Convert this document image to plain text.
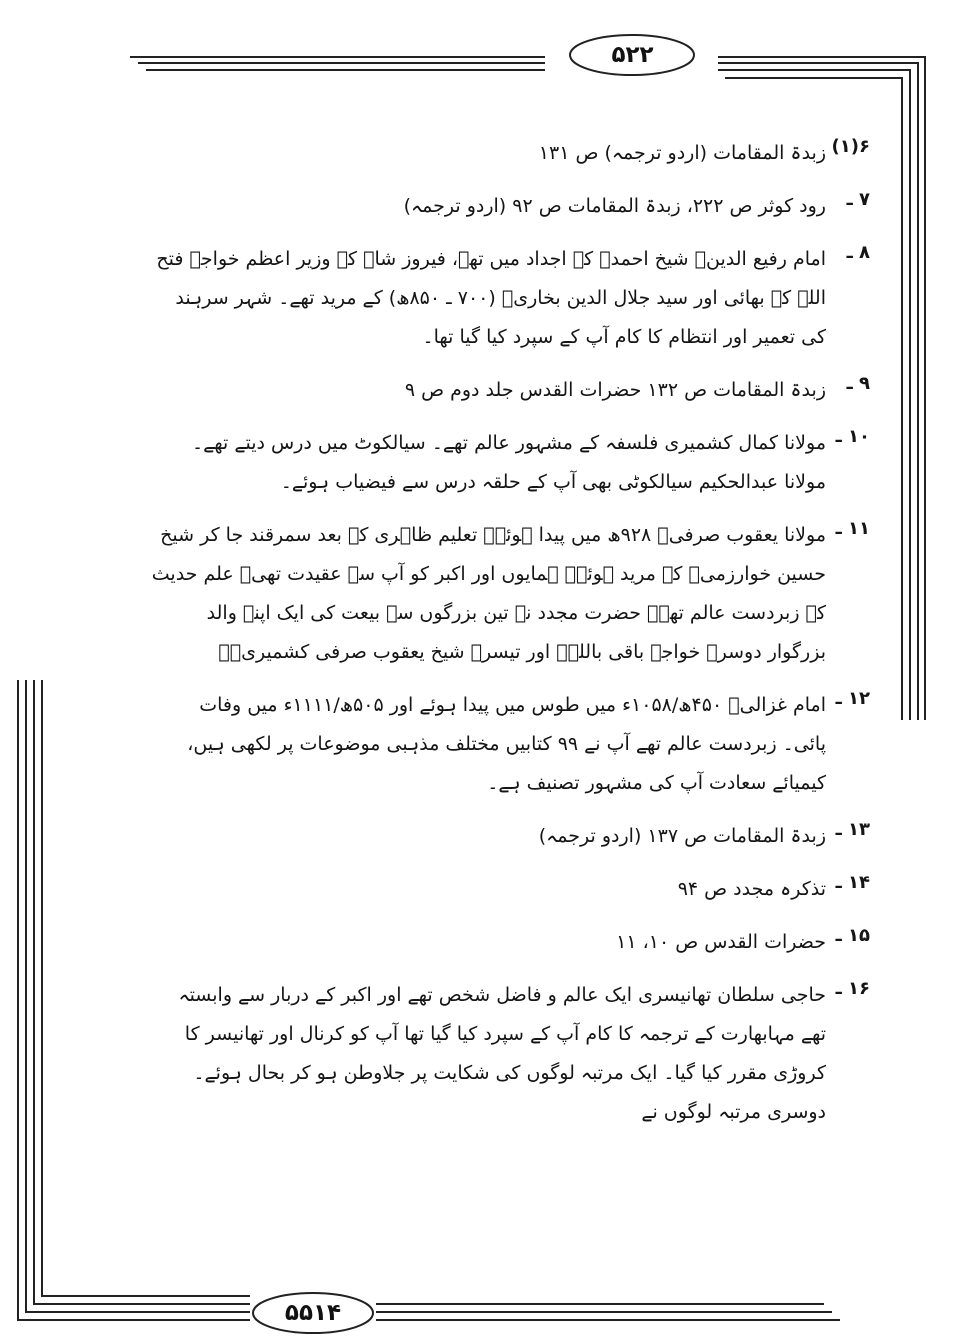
۵۲۲
۵۵۱۴
۶(۱)
زبدۃ المقامات (اردو ترجمہ) ص ۱۳۱
۷ ـ
رود کوثر ص ۲۲۲، زبدۃ المقامات ص ۹۲ (اردو ترجمہ)
۸ ـ
امام رفیع الدینؒ شیخ احمدؒ کے اجداد میں تھے، فیروز شاہ کے وزیر اعظم خواجہ فتح اللہ کے بھائی اور سید جلال الدین بخاریؒ (۷۰۰ ـ ۸۵۰ھ) کے مرید تھے۔ شہر سرہند کی تعمیر اور انتظام کا کام آپ کے سپرد کیا گیا تھا۔
۹ ـ
زبدۃ المقامات ص ۱۳۲ حضرات القدس جلد دوم ص ۹
۱۰ ـ
مولانا کمال کشمیری فلسفہ کے مشہور عالم تھے۔ سیالکوٹ میں درس دیتے تھے۔ مولانا عبدالحکیم سیالکوٹی بھی آپ کے حلقہ درس سے فیضیاب ہوئے۔
۱۱ ـ
مولانا یعقوب صرفیؒ ۹۲۸ھ میں پیدا ہوئے۔ تعلیم ظاہری کے بعد سمرقند جا کر شیخ حسین خوارزمیؒ کے مرید ہوئے۔ ہمایوں اور اکبر کو آپ سے عقیدت تھی۔ علم حدیث کے زبردست عالم تھے۔ حضرت مجدد نے تین بزرگوں سے بیعت کی ایک اپنے والد بزرگوار دوسرے خواجہ باقی باللہؒ اور تیسرے شیخ یعقوب صرفی کشمیریؒ۔
۱۲ ـ
امام غزالیؒ ۴۵۰ھ/۱۰۵۸ء میں طوس میں پیدا ہوئے اور ۵۰۵ھ/۱۱۱۱ء میں وفات پائی۔ زبردست عالم تھے آپ نے ۹۹ کتابیں مختلف مذہبی موضوعات پر لکھی ہیں، کیمیائے سعادت آپ کی مشہور تصنیف ہے۔
۱۳ ـ
زبدۃ المقامات ص ۱۳۷ (اردو ترجمہ)
۱۴ ـ
تذکرہ مجدد ص ۹۴
۱۵ ـ
حضرات القدس ص ۱۰، ۱۱
۱۶ ـ
حاجی سلطان تھانیسری ایک عالم و فاضل شخص تھے اور اکبر کے دربار سے وابستہ تھے مہابھارت کے ترجمہ کا کام آپ کے سپرد کیا گیا تھا آپ کو کرنال اور تھانیسر کا کروڑی مقرر کیا گیا۔ ایک مرتبہ لوگوں کی شکایت پر جلاوطن ہو کر بحال ہوئے۔ دوسری مرتبہ لوگوں نے
